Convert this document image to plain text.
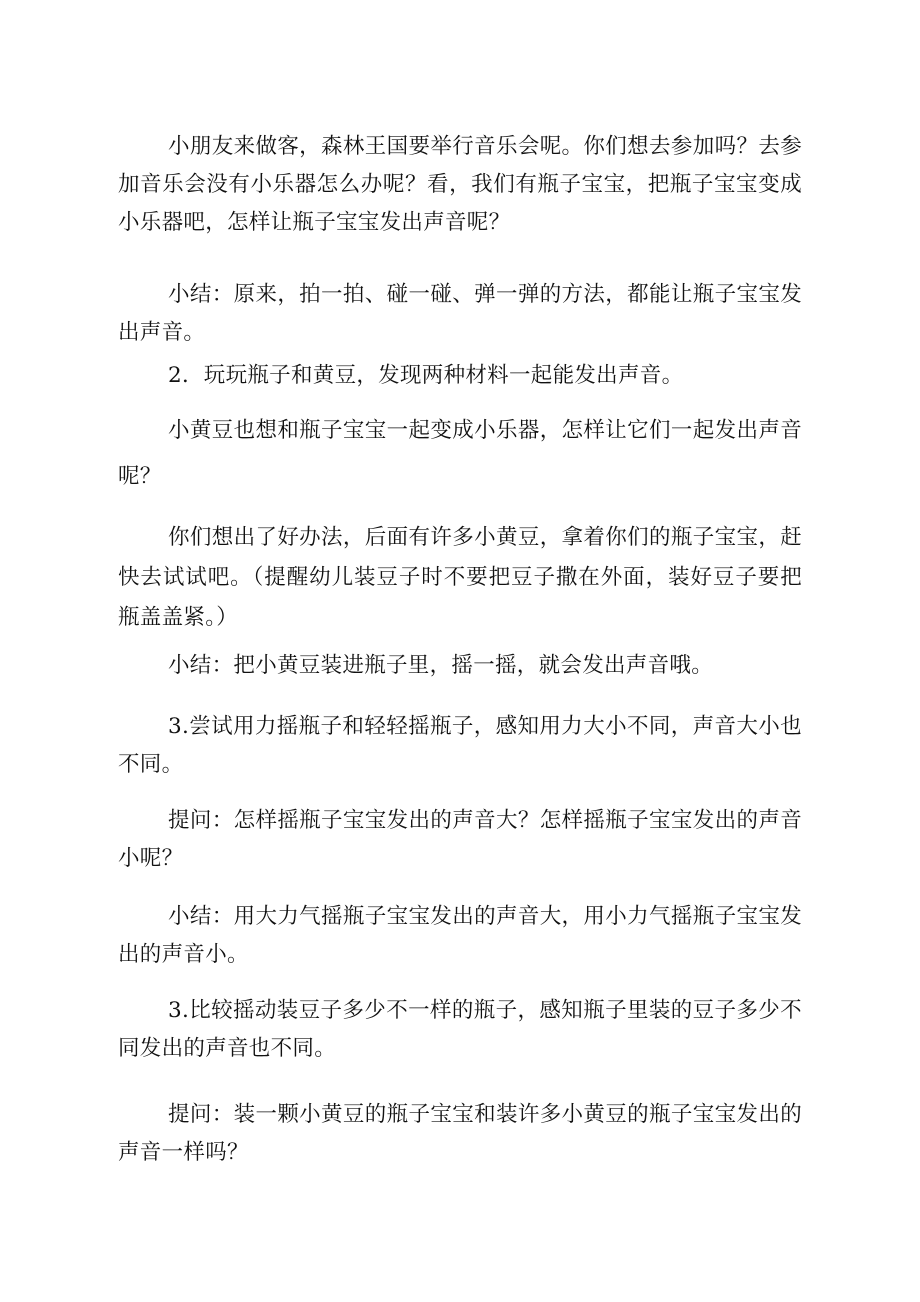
小朋友来做客，森林王国要举行音乐会呢。你们想去参加吗？去参加音乐会没有小乐器怎么办呢？看，我们有瓶子宝宝，把瓶子宝宝变成小乐器吧，怎样让瓶子宝宝发出声音呢？

小结：原来，拍一拍、碰一碰、弹一弹的方法，都能让瓶子宝宝发出声音。

2．玩玩瓶子和黄豆，发现两种材料一起能发出声音。

小黄豆也想和瓶子宝宝一起变成小乐器，怎样让它们一起发出声音呢？

你们想出了好办法，后面有许多小黄豆，拿着你们的瓶子宝宝，赶快去试试吧。（提醒幼儿装豆子时不要把豆子撒在外面，装好豆子要把瓶盖盖紧。）

小结：把小黄豆装进瓶子里，摇一摇，就会发出声音哦。

3.尝试用力摇瓶子和轻轻摇瓶子，感知用力大小不同，声音大小也不同。

提问：怎样摇瓶子宝宝发出的声音大？怎样摇瓶子宝宝发出的声音小呢？

小结：用大力气摇瓶子宝宝发出的声音大，用小力气摇瓶子宝宝发出的声音小。

3.比较摇动装豆子多少不一样的瓶子，感知瓶子里装的豆子多少不同发出的声音也不同。

提问：装一颗小黄豆的瓶子宝宝和装许多小黄豆的瓶子宝宝发出的声音一样吗？
